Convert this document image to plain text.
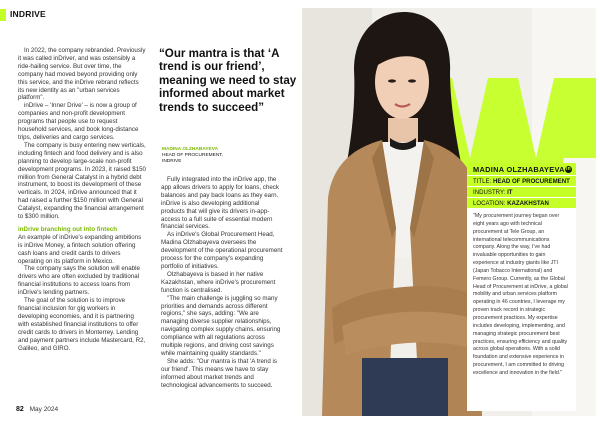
INDRIVE

In 2022, the company rebranded. Previously it was called inDriver, and was ostensibly a ride-hailing service. But over time, the company had moved beyond providing only this service, and the inDrive rebrand reflects its new identity as an "urban services platform".

inDrive – 'Inner Drive' – is now a group of companies and non-profit development programs that people use to request household services, and book long-distance trips, deliveries and cargo services.

The company is busy entering new verticals, including fintech and food delivery and is also planning to develop large-scale non-profit development programs. In 2023, it raised $150 million from General Catalyst in a hybrid debt instrument, to boost its development of these verticals. In 2024, inDrive announced that it had raised a further $150 million with General Catalyst, expanding the financial arrangement to $300 million.

inDrive branching out into fintech

An example of inDrive's expanding ambitions is inDrive Money, a fintech solution offering cash loans and credit cards to drivers operating on its platform in Mexico.

The company says the solution will enable drivers who are often excluded by traditional financial institutions to access loans from inDrive's lending partners.

The goal of the solution is to improve financial inclusion for gig workers in developing economies, and it is partnering with established financial institutions to offer credit cards to drivers in Monterrey. Lending and payment partners include Mastercard, R2, Galileo, and GIRO.

“Our mantra is that ‘A trend is our friend’, meaning we need to stay informed about market trends to succeed”
MADINA OLZHABAYEVA
HEAD OF PROCUREMENT,
INDRIVE

Fully integrated into the inDrive app, the app allows drivers to apply for loans, check balances and pay back loans as they earn. inDrive is also developing additional products that will give its drivers in-app-access to a full suite of essential modern financial services.

As inDrive's Global Procurement Head, Madina Olzhabayeva oversees the development of the operational procurement process for the company's expanding portfolio of initiatives.

Olzhabayeva is based in her native Kazakhstan, where inDrive's procurement function is centralised.

"The main challenge is juggling so many priorities and demands across different regions," she says, adding: "We are managing diverse supplier relationships, navigating complex supply chains, ensuring compliance with all regulations across multiple regions, and driving cost savings while maintaining quality standards."

She adds: "Our mantra is that 'A trend is our friend'. This means we have to stay informed about market trends and technological advancements to succeed.

82 May 2024
MADINA OLZHABAYEVA in
TITLE: HEAD OF PROCUREMENT
INDUSTRY: IT
LOCATION: KAZAKHSTAN
"My procurement journey began over eight years ago with technical procurement at Tele Group, an international telecommunications company. Along the way, I've had invaluable opportunities to gain experience at industry giants like JTI (Japan Tobacco International) and Femero Group. Currently, as the Global Head of Procurement at inDrive, a global mobility and urban services platform operating in 46 countries, I leverage my proven track record in strategic procurement practices. My expertise includes developing, implementing, and managing strategic procurement best practices, ensuring efficiency and quality across global operations. With a solid foundation and extensive experience in procurement, I am committed to driving excellence and innovation in the field."
